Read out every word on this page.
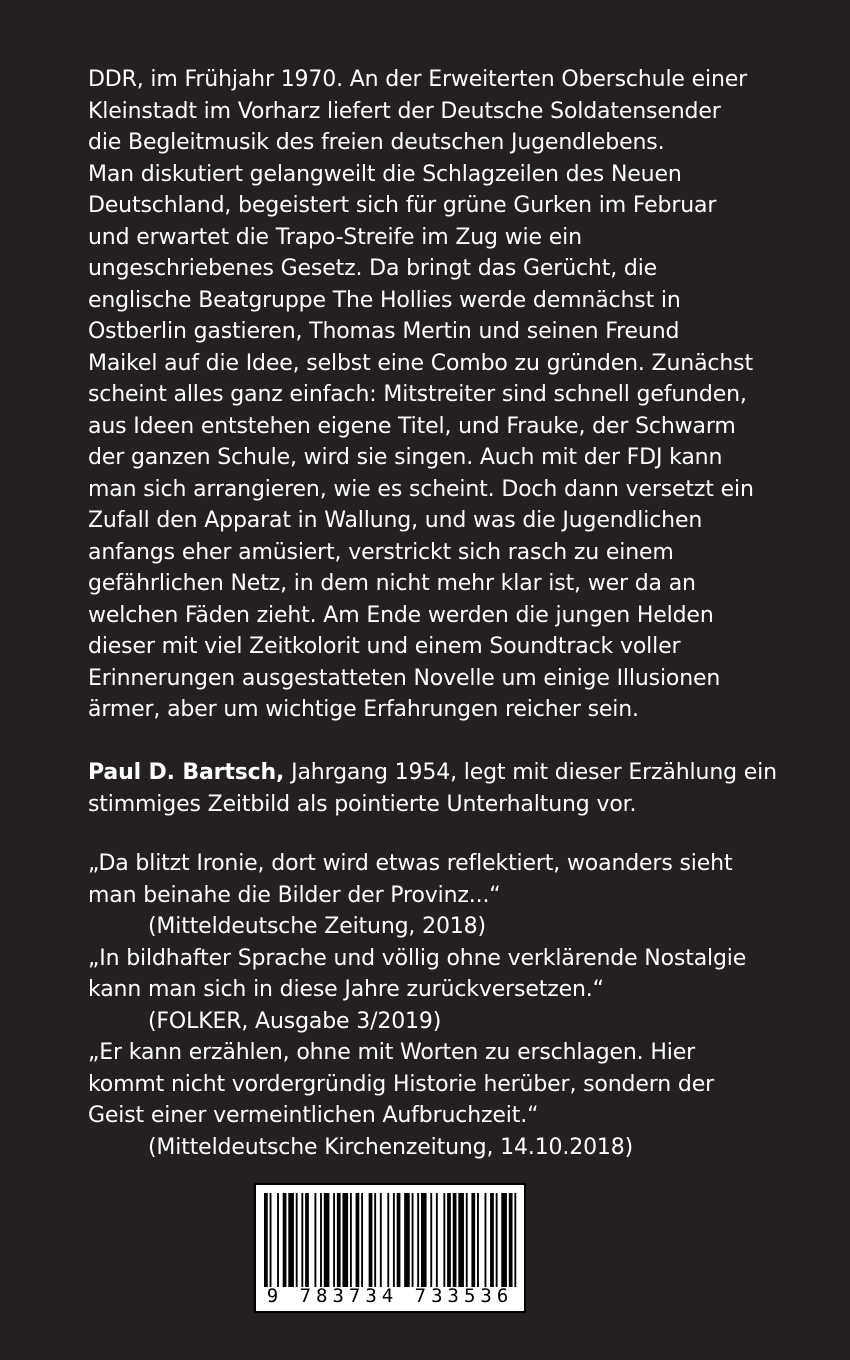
DDR, im Frühjahr 1970. An der Erweiterten Oberschule einer
Kleinstadt im Vorharz liefert der Deutsche Soldatensender
die Begleitmusik des freien deutschen Jugendlebens.
Man diskutiert gelangweilt die Schlagzeilen des Neuen
Deutschland, begeistert sich für grüne Gurken im Februar
und erwartet die Trapo-Streife im Zug wie ein
ungeschriebenes Gesetz. Da bringt das Gerücht, die
englische Beatgruppe The Hollies werde demnächst in
Ostberlin gastieren, Thomas Mertin und seinen Freund
Maikel auf die Idee, selbst eine Combo zu gründen. Zunächst
scheint alles ganz einfach: Mitstreiter sind schnell gefunden,
aus Ideen entstehen eigene Titel, und Frauke, der Schwarm
der ganzen Schule, wird sie singen. Auch mit der FDJ kann
man sich arrangieren, wie es scheint. Doch dann versetzt ein
Zufall den Apparat in Wallung, und was die Jugendlichen
anfangs eher amüsiert, verstrickt sich rasch zu einem
gefährlichen Netz, in dem nicht mehr klar ist, wer da an
welchen Fäden zieht. Am Ende werden die jungen Helden
dieser mit viel Zeitkolorit und einem Soundtrack voller
Erinnerungen ausgestatteten Novelle um einige Illusionen
ärmer, aber um wichtige Erfahrungen reicher sein.
Paul D. Bartsch, Jahrgang 1954, legt mit dieser Erzählung ein
stimmiges Zeitbild als pointierte Unterhaltung vor.
„Da blitzt Ironie, dort wird etwas reflektiert, woanders sieht
man beinahe die Bilder der Provinz...“
(Mitteldeutsche Zeitung, 2018)
„In bildhafter Sprache und völlig ohne verklärende Nostalgie
kann man sich in diese Jahre zurückversetzen.“
(FOLKER, Ausgabe 3/2019)
„Er kann erzählen, ohne mit Worten zu erschlagen. Hier
kommt nicht vordergründig Historie herüber, sondern der
Geist einer vermeintlichen Aufbruchzeit.“
(Mitteldeutsche Kirchenzeitung, 14.10.2018)
9 783734 733536
